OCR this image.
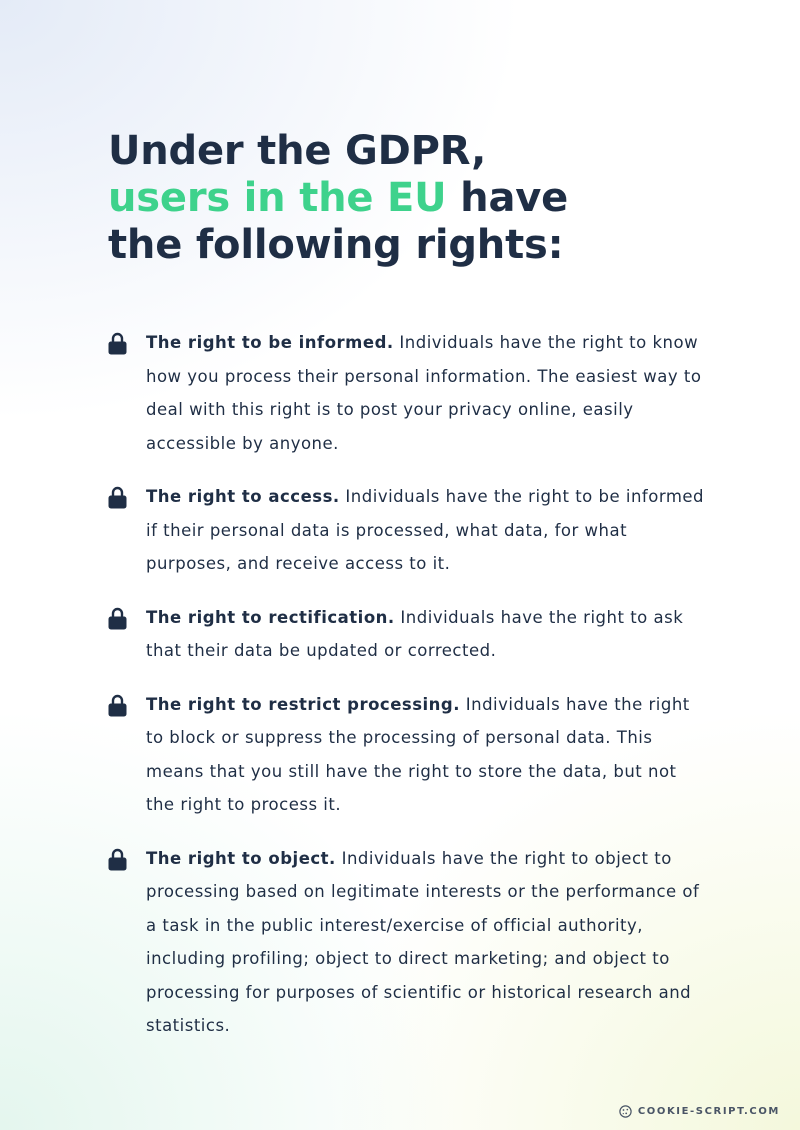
Under the GDPR,
users in the EU have
the following rights:
The right to be informed. Individuals have the right to know how you process their personal information. The easiest way to deal with this right is to post your privacy online, easily accessible by anyone.
The right to access. Individuals have the right to be informed if their personal data is processed, what data, for what purposes, and receive access to it.
The right to rectification. Individuals have the right to ask that their data be updated or corrected.
The right to restrict processing. Individuals have the right to block or suppress the processing of personal data. This means that you still have the right to store the data, but not the right to process it.
The right to object. Individuals have the right to object to processing based on legitimate interests or the performance of a task in the public interest/exercise of official authority, including profiling; object to direct marketing; and object to processing for purposes of scientific or historical research and statistics.
COOKIE-SCRIPT.COM
